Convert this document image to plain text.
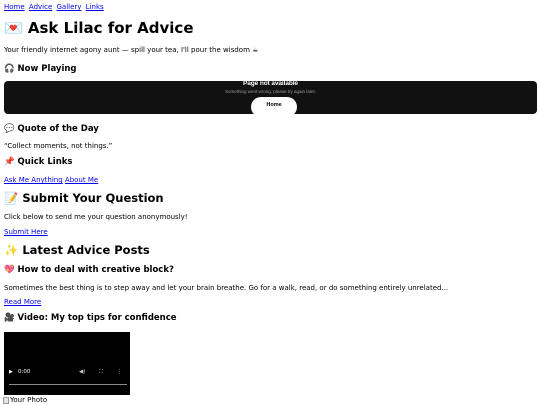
Home Advice Gallery Links
💌 Ask Lilac for Advice
Your friendly internet agony aunt — spill your tea, I'll pour the wisdom ☕
🎧 Now Playing
Page not available
Something went wrong, please try again later.
Home
💬 Quote of the Day
“Collect moments, not things.”
📌 Quick Links
Ask Me Anything About Me
📝 Submit Your Question
Click below to send me your question anonymously!
Submit Here
✨ Latest Advice Posts
💖 How to deal with creative block?
Sometimes the best thing is to step away and let your brain breathe. Go for a walk, read, or do something entirely unrelated...
Read More
🎥 Video: My top tips for confidence
▶ 0:00	◀) ⛶	⋮
Your Photo
